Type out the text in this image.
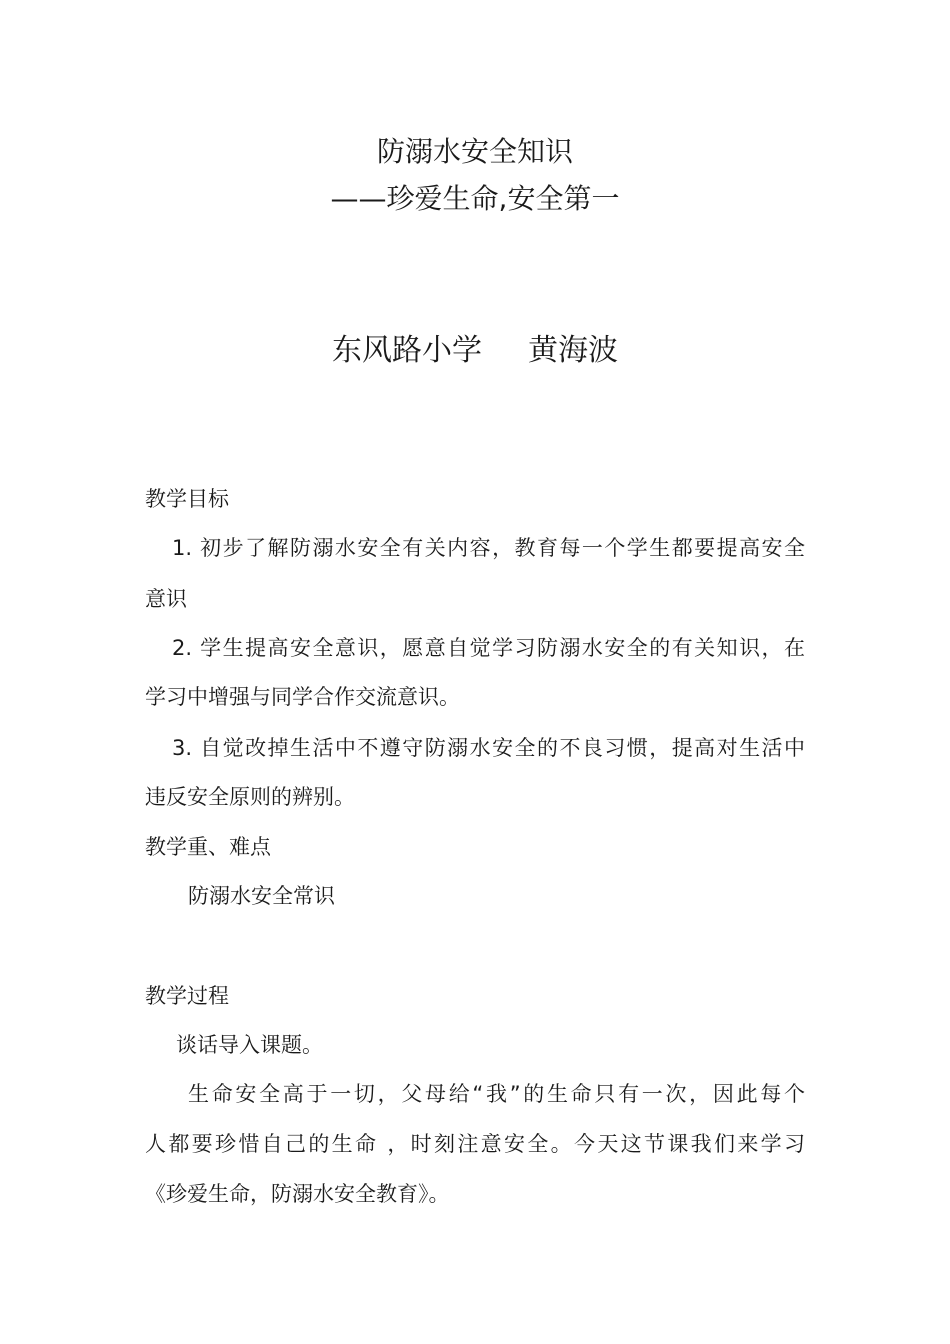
防溺水安全知识
——珍爱生命,安全第一
东风路小学 黄海波
教学目标
1. 初步了解防溺水安全有关内容，教育每一个学生都要提高安全
意识
2. 学生提高安全意识，愿意自觉学习防溺水安全的有关知识，在
学习中增强与同学合作交流意识。
3. 自觉改掉生活中不遵守防溺水安全的不良习惯，提高对生活中
违反安全原则的辨别。
教学重、难点
防溺水安全常识
教学过程
谈话导入课题。
生命安全高于一切，父母给“我”的生命只有一次，因此每个
人都要珍惜自己的生命 ，时刻注意安全。今天这节课我们来学习
《珍爱生命，防溺水安全教育》。
